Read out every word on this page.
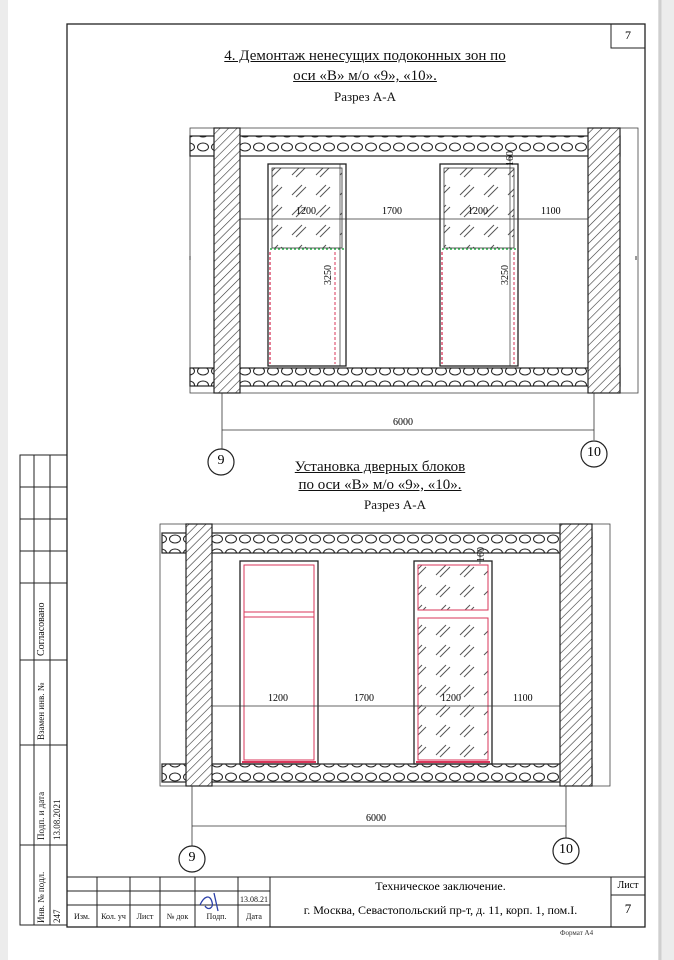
7
4. Демонтаж ненесущих подоконных зон по
оси «В» м/о «9», «10».
Разрез А-А
1200	1700	1200	1100
3250	3250
160
6000
9
10
Установка дверных блоков
по оси «В» м/о «9», «10».
Разрез А-А
1200	1700	1200	1100
160
6000
9
10
Согласовано
Взамен инв. №
Подп. и дата 13.08.2021
Инв. № подл. 247	Изм.	Кол. уч	Лист	№ док	Подп.	Дата
13.08.21
Техническое заключение.
г. Москва, Севастопольский пр-т, д. 11, корп. 1, пом.I.
Лист
7
Формат А4
